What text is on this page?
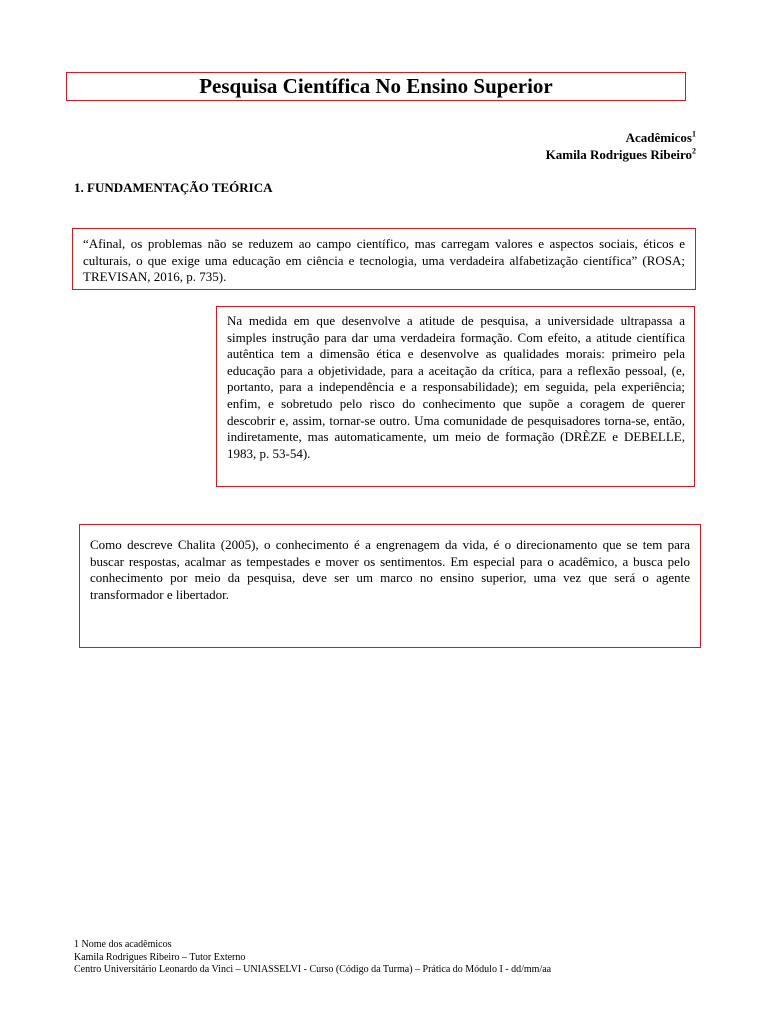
Pesquisa Científica No Ensino Superior
Acadêmicos$^1$
Kamila Rodrigues Ribeiro$^2$
1. FUNDAMENTAÇÃO TEÓRICA
“Afinal, os problemas não se reduzem ao campo científico, mas carregam valores e aspectos sociais, éticos e culturais, o que exige uma educação em ciência e tecnologia, uma verdadeira alfabetização científica” (ROSA; TREVISAN, 2016, p. 735).
Na medida em que desenvolve a atitude de pesquisa, a universidade ultrapassa a simples instrução para dar uma verdadeira formação. Com efeito, a atitude científica autêntica tem a dimensão ética e desenvolve as qualidades morais: primeiro pela educação para a objetividade, para a aceitação da crítica, para a reflexão pessoal, (e, portanto, para a independência e a responsabilidade); em seguida, pela experiência; enfim, e sobretudo pelo risco do conhecimento que supõe a coragem de querer descobrir e, assim, tornar-se outro. Uma comunidade de pesquisadores torna-se, então, indiretamente, mas automaticamente, um meio de formação (DRÈZE e DEBELLE, 1983, p. 53-54).
Como descreve Chalita (2005), o conhecimento é a engrenagem da vida, é o direcionamento que se tem para buscar respostas, acalmar as tempestades e mover os sentimentos. Em especial para o acadêmico, a busca pelo conhecimento por meio da pesquisa, deve ser um marco no ensino superior, uma vez que será o agente transformador e libertador.
1 Nome dos acadêmicos
Kamila Rodrigues Ribeiro – Tutor Externo
Centro Universitário Leonardo da Vinci – UNIASSELVI - Curso (Código da Turma) – Prática do Módulo I - dd/mm/aa
